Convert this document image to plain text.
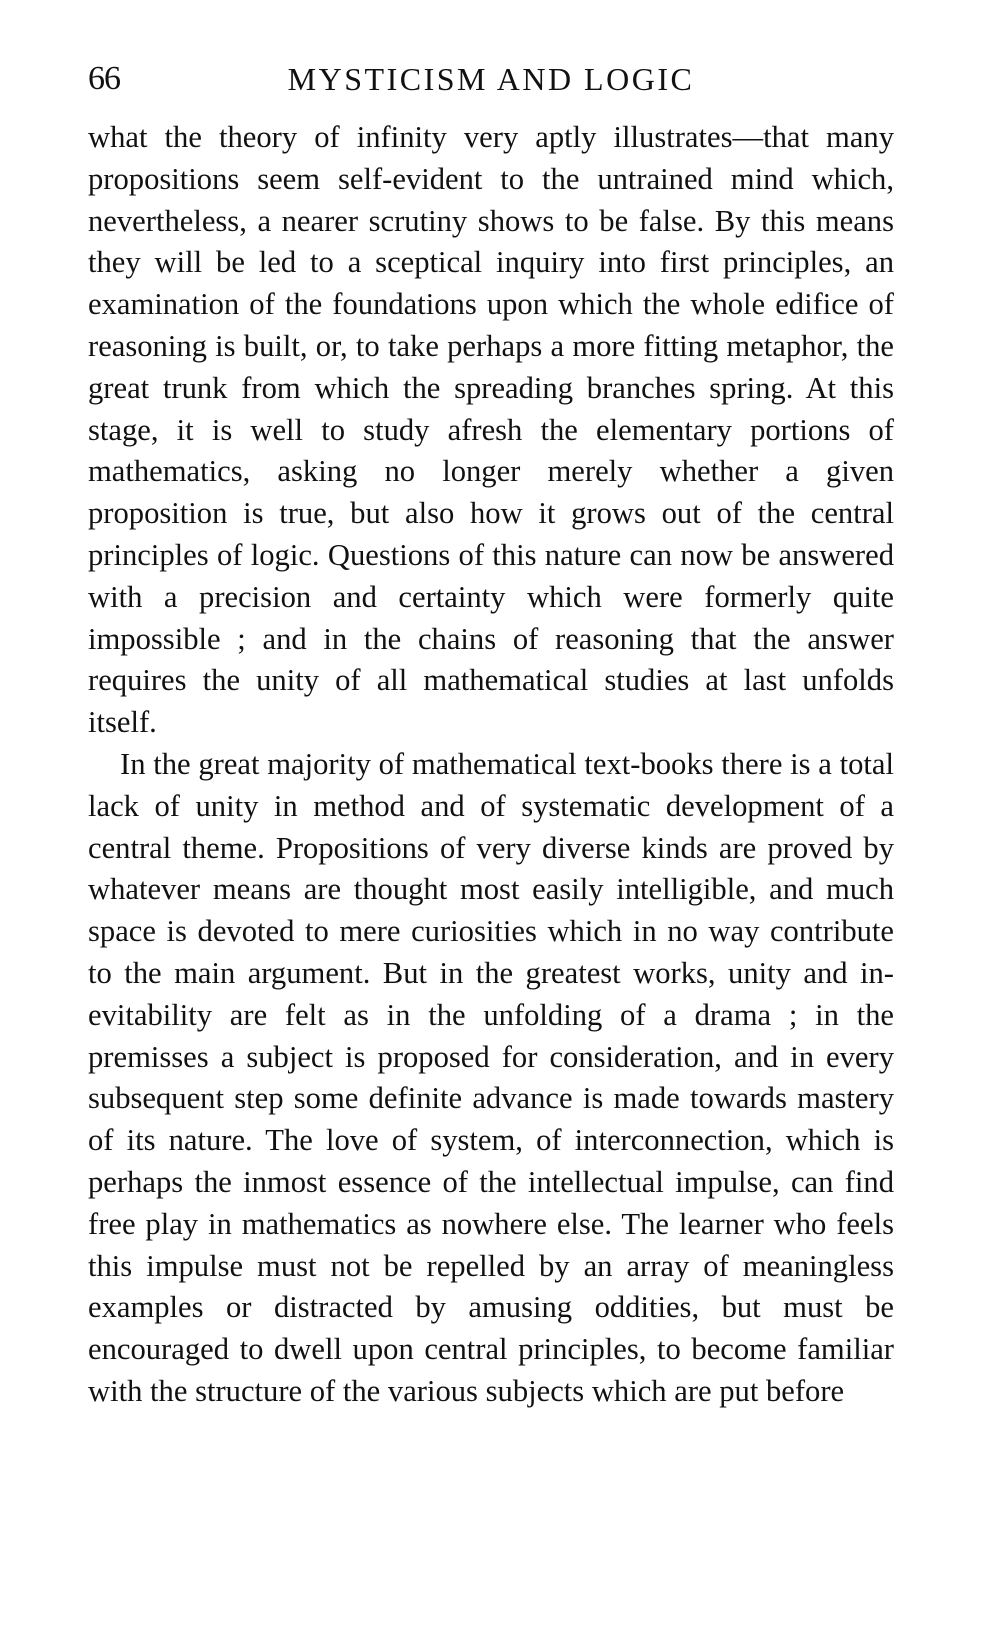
66	MYSTICISM AND LOGIC

what the theory of infinity very aptly illustrates—that many propositions seem self-evident to the untrained mind which, nevertheless, a nearer scrutiny shows to be false. By this means they will be led to a sceptical inquiry into first principles, an examination of the foundations upon which the whole edifice of reasoning is built, or, to take perhaps a more fitting metaphor, the great trunk from which the spreading branches spring. At this stage, it is well to study afresh the elementary portions of mathematics, asking no longer merely whether a given proposition is true, but also how it grows out of the central principles of logic. Questions of this nature can now be answered with a precision and certainty which were formerly quite impossible ; and in the chains of reasoning that the answer requires the unity of all mathematical studies at last unfolds itself.

In the great majority of mathematical text-books there is a total lack of unity in method and of systematic development of a central theme. Propositions of very diverse kinds are proved by whatever means are thought most easily intelligible, and much space is devoted to mere curiosities which in no way contribute to the main argument. But in the greatest works, unity and inevitability are felt as in the unfolding of a drama ; in the premisses a subject is proposed for consideration, and in every subsequent step some definite advance is made towards mastery of its nature. The love of system, of interconnection, which is perhaps the inmost essence of the intellectual impulse, can find free play in mathematics as nowhere else. The learner who feels this impulse must not be repelled by an array of meaningless examples or distracted by amusing oddities, but must be encouraged to dwell upon central principles, to become familiar with the structure of the various subjects which are put before
